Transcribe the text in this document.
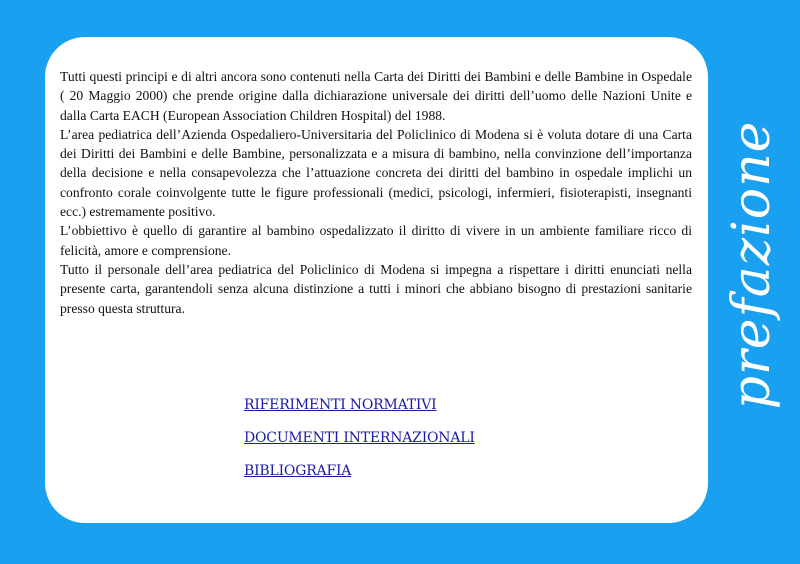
Tutti questi principi e di altri ancora sono contenuti nella Carta dei Diritti dei Bambini e delle Bambine in Ospedale ( 20 Maggio 2000) che prende origine dalla dichiarazione universale dei diritti dell’uomo delle Nazioni Unite e dalla Carta EACH (European Association Children Hospital) del 1988.

L’area pediatrica dell’Azienda Ospedaliero-Universitaria del Policlinico di Modena si è voluta dotare di una Carta dei Diritti dei Bambini e delle Bambine, personalizzata e a misura di bambino, nella convinzione dell’importanza della decisione e nella consapevolezza che l’attuazione concreta dei diritti del bambino in ospedale implichi un confronto corale coinvolgente tutte le figure professionali (medici, psicologi, infermieri, fisioterapisti, insegnanti ecc.) estremamente positivo.

L’obbiettivo è quello di garantire al bambino ospedalizzato il diritto di vivere in un ambiente familiare ricco di felicità, amore e comprensione.

Tutto il personale dell’area pediatrica del Policlinico di Modena si impegna a rispettare i diritti enunciati nella presente carta, garantendoli senza alcuna distinzione a tutti i minori che abbiano bisogno di prestazioni sanitarie presso questa struttura.

RIFERIMENTI NORMATIVI
DOCUMENTI INTERNAZIONALI
BIBLIOGRAFIA
prefazione
